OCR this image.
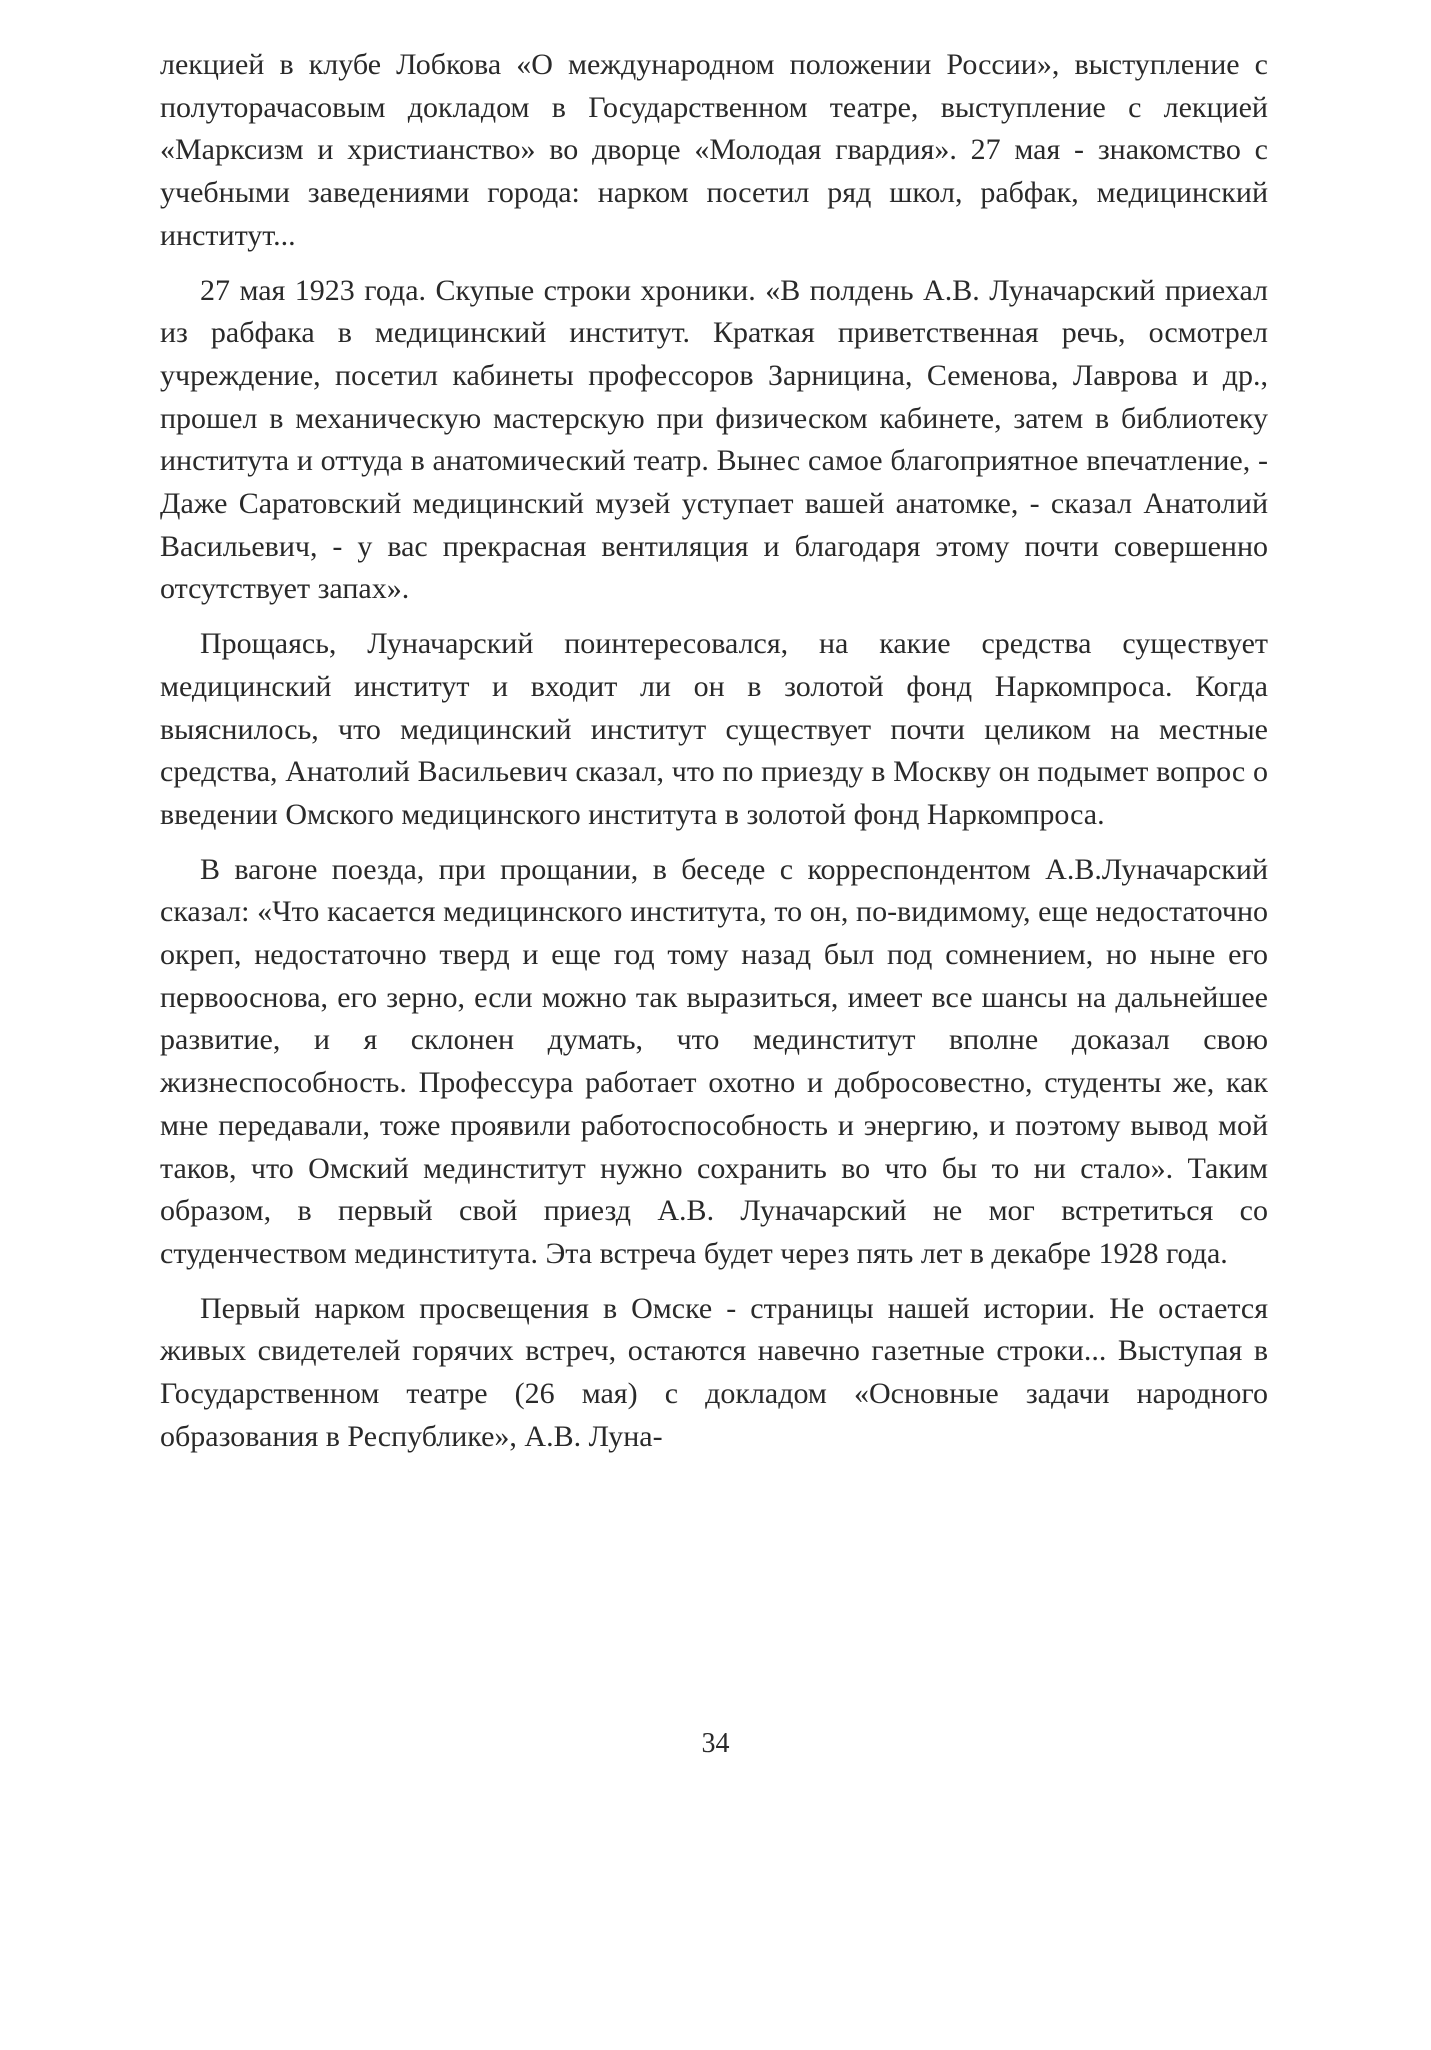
лекцией в клубе Лобкова «О международном положении России», выступление с полуторачасовым докладом в Государственном театре, выступление с лекцией «Марксизм и христианство» во дворце «Молодая гвардия». 27 мая - знакомство с учебными заведениями города: нарком посетил ряд школ, рабфак, медицинский институт...

27 мая 1923 года. Скупые строки хроники. «В полдень А.В. Луначарский приехал из рабфака в медицинский институт. Краткая приветственная речь, осмотрел учреждение, посетил кабинеты профессоров Зарницина, Семенова, Лаврова и др., прошел в механическую мастерскую при физическом кабинете, затем в библиотеку института и оттуда в анатомический театр. Вынес самое благоприятное впечатление, - Даже Саратовский медицинский музей уступает вашей анатомке, - сказал Анатолий Васильевич, - у вас прекрасная вентиляция и благодаря этому почти совершенно отсутствует запах».

Прощаясь, Луначарский поинтересовался, на какие средства существует медицинский институт и входит ли он в золотой фонд Наркомпроса. Когда выяснилось, что медицинский институт существует почти целиком на местные средства, Анатолий Васильевич сказал, что по приезду в Москву он подымет вопрос о введении Омского медицинского института в золотой фонд Наркомпроса.

В вагоне поезда, при прощании, в беседе с корреспондентом А.В.Луначарский сказал: «Что касается медицинского института, то он, по-видимому, еще недостаточно окреп, недостаточно тверд и еще год тому назад был под сомнением, но ныне его первооснова, его зерно, если можно так выразиться, имеет все шансы на дальнейшее развитие, и я склонен думать, что мединститут вполне доказал свою жизнеспособность. Профессура работает охотно и добросовестно, студенты же, как мне передавали, тоже проявили работоспособность и энергию, и поэтому вывод мой таков, что Омский мединститут нужно сохранить во что бы то ни стало». Таким образом, в первый свой приезд А.В. Луначарский не мог встретиться со студенчеством мединститута. Эта встреча будет через пять лет в декабре 1928 года.

Первый нарком просвещения в Омске - страницы нашей истории. Не остается живых свидетелей горячих встреч, остаются навечно газетные строки... Выступая в Государственном театре (26 мая) с докладом «Основные задачи народного образования в Республике», А.В. Луна-

34
